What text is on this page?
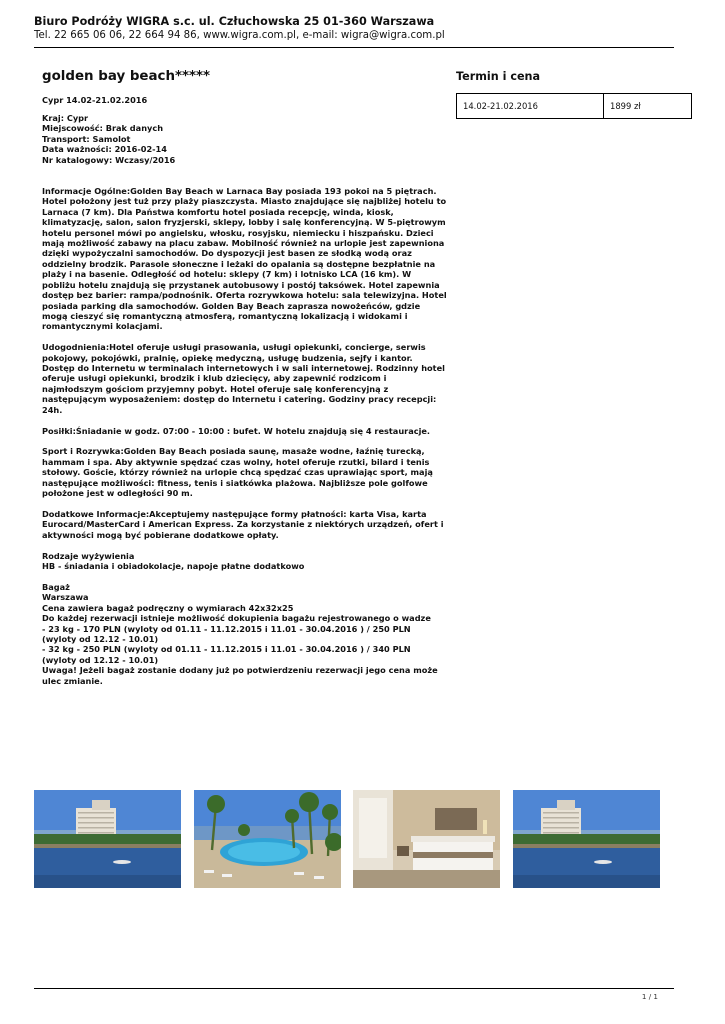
Biuro Podróży WIGRA s.c. ul. Człuchowska 25 01-360 Warszawa
Tel. 22 665 06 06, 22 664 94 86, www.wigra.com.pl, e-mail: wigra@wigra.com.pl
golden bay beach*****
Cypr 14.02-21.02.2016
Kraj: Cypr
Miejscowość: Brak danych
Transport: Samolot
Data ważności: 2016-02-14
Nr katalogowy: Wczasy/2016
Informacje Ogólne:Golden Bay Beach w Larnaca Bay posiada 193 pokoi na 5 piętrach. Hotel położony jest tuż przy plaży piaszczysta. Miasto znajdujące się najbliżej hotelu to Larnaca (7 km). Dla Państwa komfortu hotel posiada recepcję, winda, kiosk, klimatyzację, salon, salon fryzjerski, sklepy, lobby i salę konferencyjną. W 5-piętrowym hotelu personel mówi po angielsku, włosku, rosyjsku, niemiecku i hiszpańsku. Dzieci mają możliwość zabawy na placu zabaw. Mobilność również na urlopie jest zapewniona dzięki wypożyczalni samochodów. Do dyspozycji jest basen ze słodką wodą oraz oddzielny brodzik. Parasole słoneczne i leżaki do opalania są dostępne bezpłatnie na plaży i na basenie. Odległość od hotelu: sklepy (7 km) i lotnisko LCA (16 km). W pobliżu hotelu znajdują się przystanek autobusowy i postój taksówek. Hotel zapewnia dostęp bez barier: rampa/podnośnik. Oferta rozrywkowa hotelu: sala telewizyjna. Hotel posiada parking dla samochodów. Golden Bay Beach zaprasza nowożeńców, gdzie mogą cieszyć się romantyczną atmosferą, romantyczną lokalizacją i widokami i romantycznymi kolacjami.
Udogodnienia:Hotel oferuje usługi prasowania, usługi opiekunki, concierge, serwis pokojowy, pokojówki, pralnię, opiekę medyczną, usługę budzenia, sejfy i kantor. Dostęp do Internetu w terminalach internetowych i w sali internetowej. Rodzinny hotel oferuje usługi opiekunki, brodzik i klub dziecięcy, aby zapewnić rodzicom i najmłodszym gościom przyjemny pobyt. Hotel oferuje salę konferencyjną z następującym wyposażeniem: dostęp do Internetu i catering. Godziny pracy recepcji: 24h.
Posiłki:Śniadanie w godz. 07:00 - 10:00 : bufet. W hotelu znajdują się 4 restauracje.
Sport i Rozrywka:Golden Bay Beach posiada saunę, masaże wodne, łaźnię turecką, hammam i spa. Aby aktywnie spędzać czas wolny, hotel oferuje rzutki, bilard i tenis stołowy. Goście, którzy również na urlopie chcą spędzać czas uprawiając sport, mają następujące możliwości: fitness, tenis i siatkówka plażowa. Najbliższe pole golfowe położone jest w odległości 90 m.
Dodatkowe Informacje:Akceptujemy następujące formy płatności: karta Visa, karta Eurocard/MasterCard i American Express. Za korzystanie z niektórych urządzeń, ofert i aktywności mogą być pobierane dodatkowe opłaty.
Rodzaje wyżywienia
HB - śniadania i obiadokolacje, napoje płatne dodatkowo
Bagaż
Warszawa
Cena zawiera bagaż podręczny o wymiarach 42x32x25
Do każdej rezerwacji istnieje możliwość dokupienia bagażu rejestrowanego o wadze
- 23 kg - 170 PLN (wyloty od 01.11 - 11.12.2015 i 11.01 - 30.04.2016 ) / 250 PLN (wyloty od 12.12 - 10.01)
- 32 kg - 250 PLN (wyloty od 01.11 - 11.12.2015 i 11.01 - 30.04.2016 ) / 340 PLN (wyloty od 12.12 - 10.01)
Uwaga! Jeżeli bagaż zostanie dodany już po potwierdzeniu rezerwacji jego cena może ulec zmianie.
Termin i cena
14.02-21.02.2016	1899 zł
1 / 1
